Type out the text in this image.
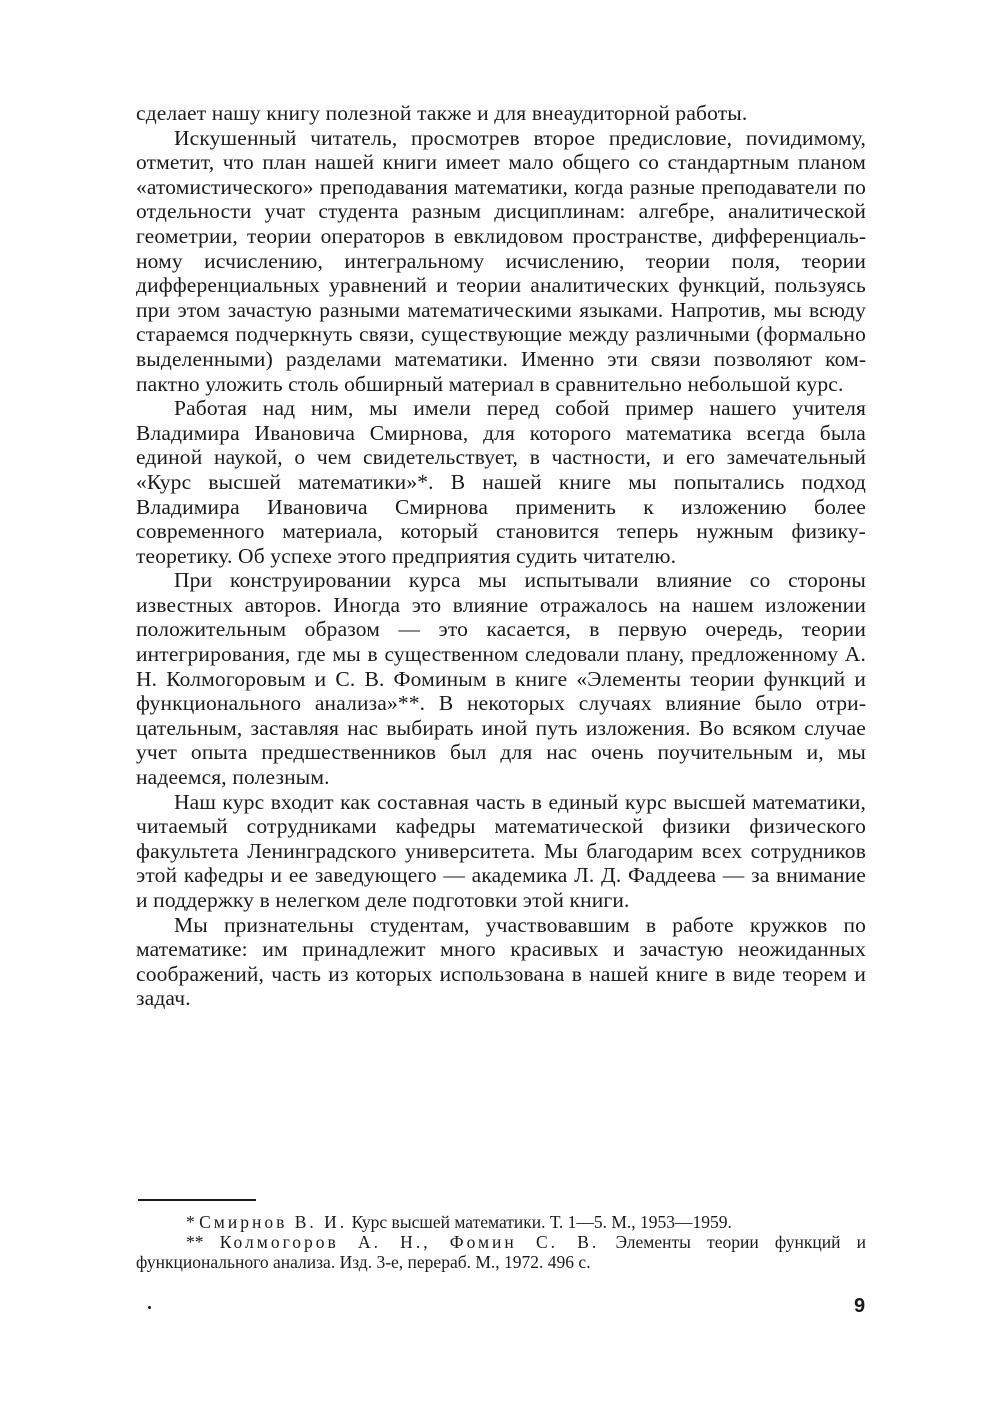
сделает нашу книгу полезной также и для внеаудиторной работы.

Искушенный читатель, просмотрев второе предисловие, поvидимому, отметит, что план нашей книги имеет мало общего со стандартным планом «атомистического» преподавания математики, когда разные преподаватели по отдельности учат студента разным дисциплинам: алгебре, аналитической геометрии, теории операторов в евклидовом пространстве, дифференциальному исчислению, интегральному исчислению, теории поля, теории дифференциальных уравнений и теории аналитических функций, пользуясь при этом зачастую разными математическими языками. Напротив, мы всюду стараемся подчеркнуть связи, существующие между различными (формально выделенными) разделами математики. Именно эти связи позволяют компактно уложить столь обширный материал в сравнительно небольшой курс.

Работая над ним, мы имели перед собой пример нашего учителя Владимира Ивановича Смирнова, для которого математика всегда была единой наукой, о чем свидетельствует, в частности, и его замечательный «Курс высшей математики»*. В нашей книге мы попытались подход Владимира Ивановича Смирнова применить к изложению более современного материала, который становится теперь нужным физику-теоретику. Об успехе этого предприятия судить читателю.

При конструировании курса мы испытывали влияние со стороны известных авторов. Иногда это влияние отражалось на нашем изложении положительным образом — это касается, в первую очередь, теории интегрирования, где мы в существенном следовали плану, предложенному А. Н. Колмогоровым и С. В. Фоминым в книге «Элементы теории функций и функционального анализа»**. В некоторых случаях влияние было отрицательным, заставляя нас выбирать иной путь изложения. Во всяком случае учет опыта предшественников был для нас очень поучительным и, мы надеемся, полезным.

Наш курс входит как составная часть в единый курс высшей математики, читаемый сотрудниками кафедры математической физики физического факультета Ленинградского университета. Мы благодарим всех сотрудников этой кафедры и ее заведующего — академика Л. Д. Фаддеева — за внимание и поддержку в нелегком деле подготовки этой книги.

Мы признательны студентам, участвовавшим в работе кружков по математике: им принадлежит много красивых и зачастую неожиданных соображений, часть из которых использована в нашей книге в виде теорем и задач.

* Смирнов В. И. Курс высшей математики. Т. 1—5. М., 1953—1959.

** Колмогоров А. Н., Фомин С. В. Элементы теории функций и функционального анализа. Изд. 3-е, перераб. М., 1972. 496 с.

9
